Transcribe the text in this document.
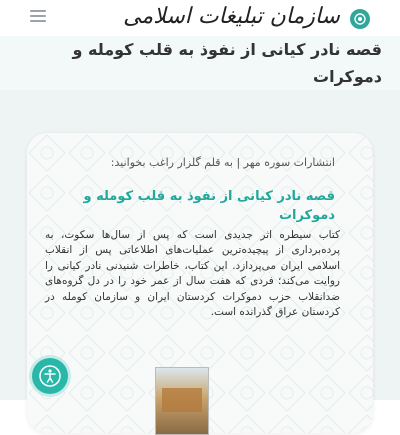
سازمان تبلیغات اسلامی
قصه نادر کیانی از نفوذ به قلب کومله و دموکرات
انتشارات سوره مهر | به قلم گلزار راغب بخوانید:
قصه نادر کیانی از نفوذ به قلب کومله و دموکرات
کتاب سیطره اثر جدیدی است که پس از سال‌ها سکوت، به پرده‌برداری از پیچیده‌ترین عملیات‌های اطلاعاتی پس از انقلاب اسلامی ایران می‌پردازد. این کتاب، خاطرات شنیدنی نادر کیانی را روایت می‌کند؛ فردی که هفت سال از عمر خود را در دل گروه‌های ضدانقلاب حزب دموکرات کردستان ایران و سازمان کومله در کردستان عراق گذرانده است.
